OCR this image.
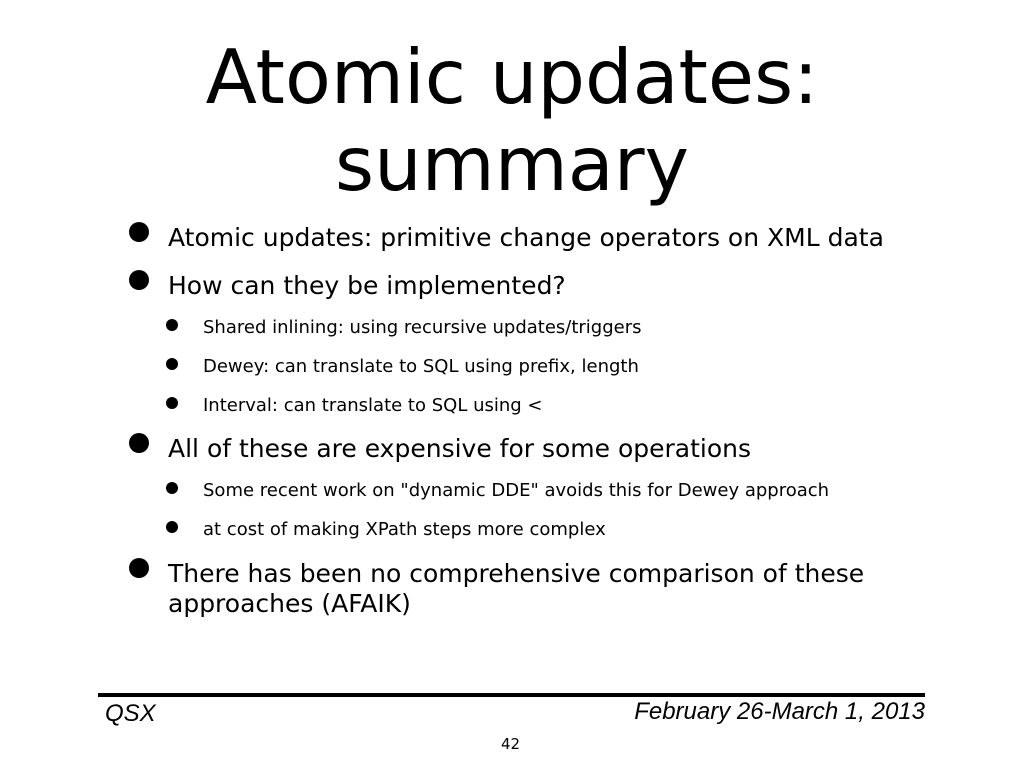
Atomic updates: summary
Atomic updates: primitive change operators on XML data
How can they be implemented?
Shared inlining: using recursive updates/triggers
Dewey: can translate to SQL using prefix, length
Interval: can translate to SQL using <
All of these are expensive for some operations
Some recent work on "dynamic DDE" avoids this for Dewey approach
at cost of making XPath steps more complex
There has been no comprehensive comparison of these approaches (AFAIK)
QSX	February 26-March 1, 2013
42
